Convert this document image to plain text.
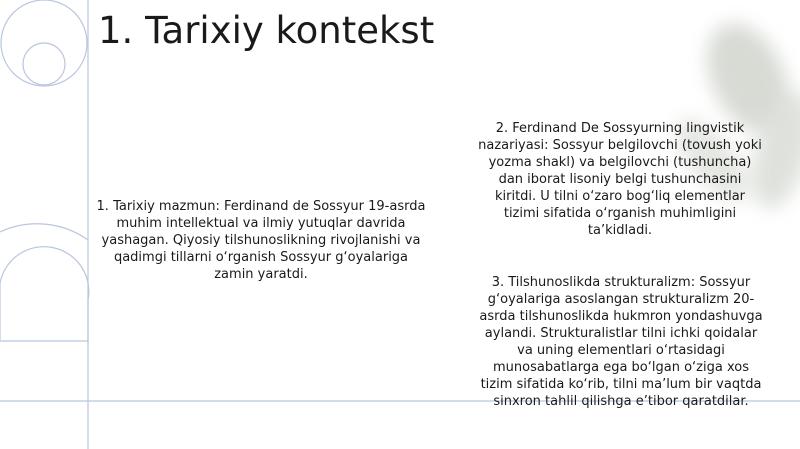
1. Tarixiy kontekst

1. Tarixiy mazmun: Ferdinand de Sossyur 19-asrda muhim intellektual va ilmiy yutuqlar davrida yashagan. Qiyosiy tilshunoslikning rivojlanishi va qadimgi tillarni o‘rganish Sossyur g‘oyalariga zamin yaratdi.

2. Ferdinand De Sossyurning lingvistik nazariyasi: Sossyur belgilovchi (tovush yoki yozma shakl) va belgilovchi (tushuncha) dan iborat lisoniy belgi tushunchasini kiritdi. U tilni o‘zaro bog‘liq elementlar tizimi sifatida o‘rganish muhimligini ta’kidladi.

3. Tilshunoslikda strukturalizm: Sossyur g‘oyalariga asoslangan strukturalizm 20-asrda tilshunoslikda hukmron yondashuvga aylandi. Strukturalistlar tilni ichki qoidalar va uning elementlari o‘rtasidagi munosabatlarga ega bo‘lgan o‘ziga xos tizim sifatida ko‘rib, tilni ma’lum bir vaqtda sinxron tahlil qilishga e’tibor qaratdilar.
